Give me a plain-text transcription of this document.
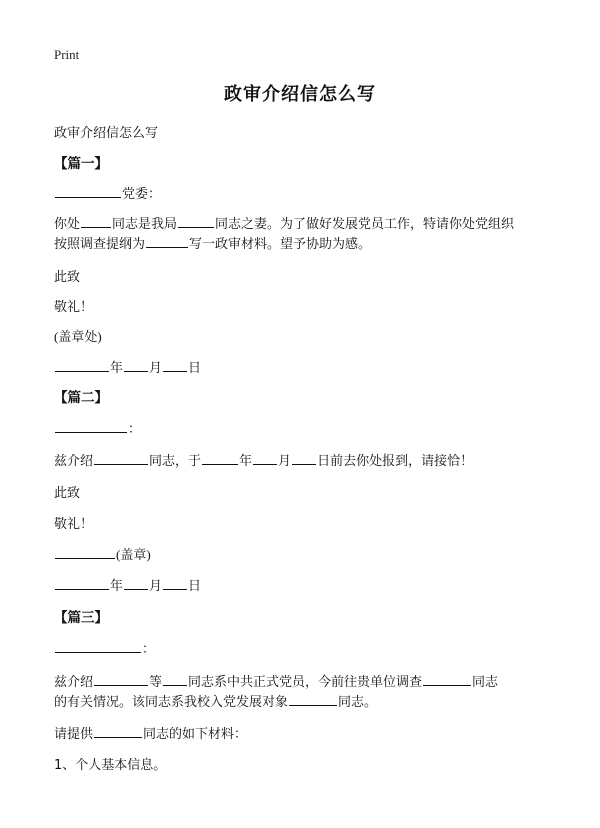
Print
政审介绍信怎么写
政审介绍信怎么写
【篇一】
党委：
你处 同志是我局	同志之妻。为了做好发展党员工作，特请你处党组织
按照调查提纲为	写一政审材料。望予协助为感。
此致
敬礼！
(盖章处)
年 月 日
【篇二】
：
兹介绍	同志，于	年 月 日前去你处报到，请接恰！
此致
敬礼！
(盖章)
年 月 日
【篇三】
：
兹介绍	等 同志系中共正式党员，今前往贵单位调查	同志
的有关情况。该同志系我校入党发展对象	同志。
请提供	同志的如下材料：
1、个人基本信息。
